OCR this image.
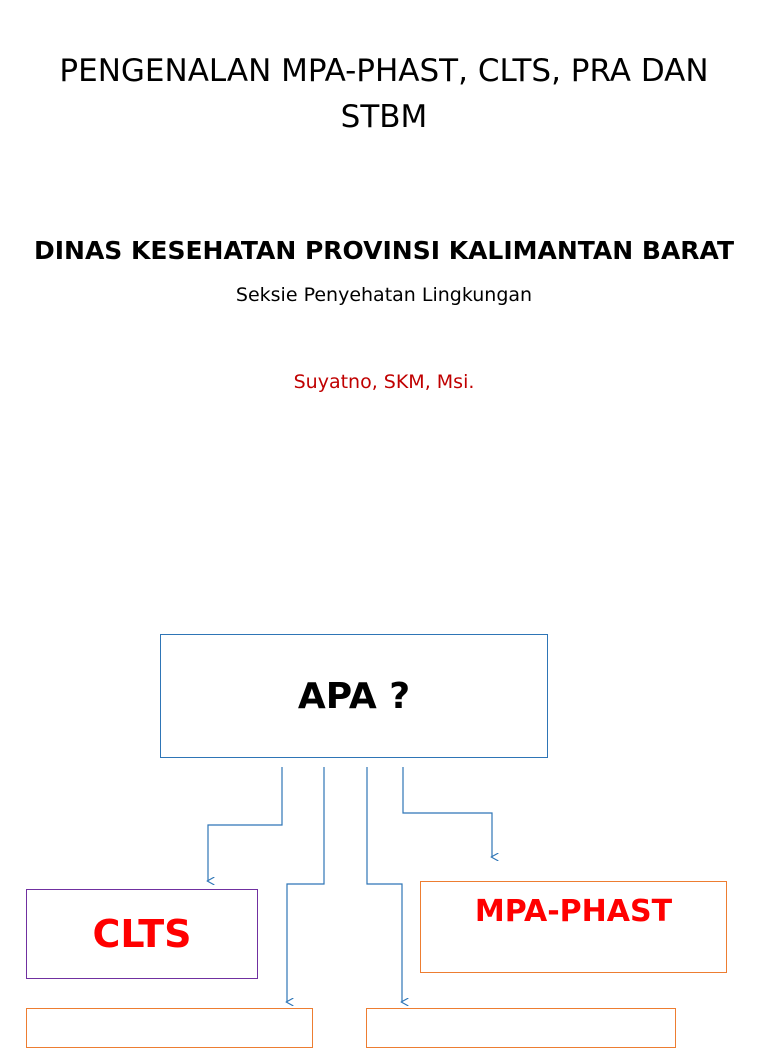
PENGENALAN MPA-PHAST, CLTS, PRA DAN STBM
DINAS KESEHATAN PROVINSI KALIMANTAN BARAT

Seksie Penyehatan Lingkungan

Suyatno, SKM, Msi.

APA ?
CLTS
MPA-PHAST
